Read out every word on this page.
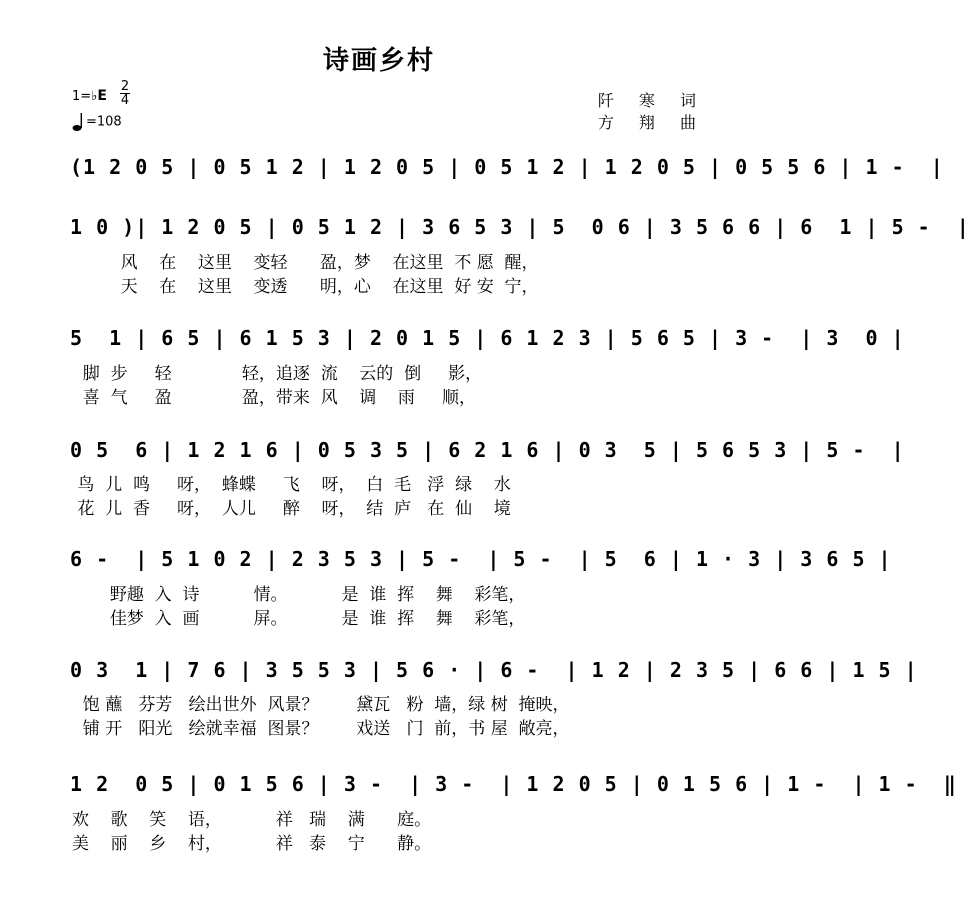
诗画乡村
1=♭E
2
4
=108
阡 寒 词
方 翔 曲
(1 2 0 5 | 0 5 1 2 | 1 2 0 5 | 0 5 1 2 | 1 2 0 5 | 0 5 5 6 | 1 -  |
1 0 )| 1 2 0 5 | 0 5 1 2 | 3 6 5 3 | 5  0 6 | 3 5 6 6 | 6  1 | 5 -  |
风    在    这里    变轻      盈，梦    在这里  不 愿  醒，
天    在    这里    变透      明，心    在这里  好 安  宁，
5  1 | 6 5 | 6 1 5 3 | 2 0 1 5 | 6 1 2 3 | 5 6 5 | 3 -  | 3  0 |
脚  步     轻             轻，追逐  流    云的  倒     影，
喜  气     盈             盈，带来  风    调    雨     顺，
0 5  6 | 1 2 1 6 | 0 5 3 5 | 6 2 1 6 | 0 3  5 | 5 6 5 3 | 5 -  |
鸟  儿  鸣     呀，  蜂蝶     飞    呀，  白  毛   浮  绿    水
花  儿  香     呀，  人儿     醉    呀，  结  庐   在  仙    境
6 -  | 5 1 0 2 | 2 3 5 3 | 5 -  | 5 -  | 5  6 | 1 · 3 | 3 6 5 |
野趣  入  诗          情。          是  谁  挥    舞    彩笔，
佳梦  入  画          屏。          是  谁  挥    舞    彩笔，
0 3  1 | 7 6 | 3 5 5 3 | 5 6 · | 6 -  | 1 2 | 2 3 5 | 6 6 | 1 5 |
饱 蘸   芬芳   绘出世外  风景？       黛瓦   粉  墙，绿 树  掩映，
铺 开   阳光   绘就幸福  图景？       戏送   门  前，书 屋  敞亮，
1 2  0 5 | 0 1 5 6 | 3 -  | 3 -  | 1 2 0 5 | 0 1 5 6 | 1 -  | 1 -  ‖
欢    歌    笑    语，          祥   瑞    满      庭。
美    丽    乡    村，          祥   泰    宁      静。
